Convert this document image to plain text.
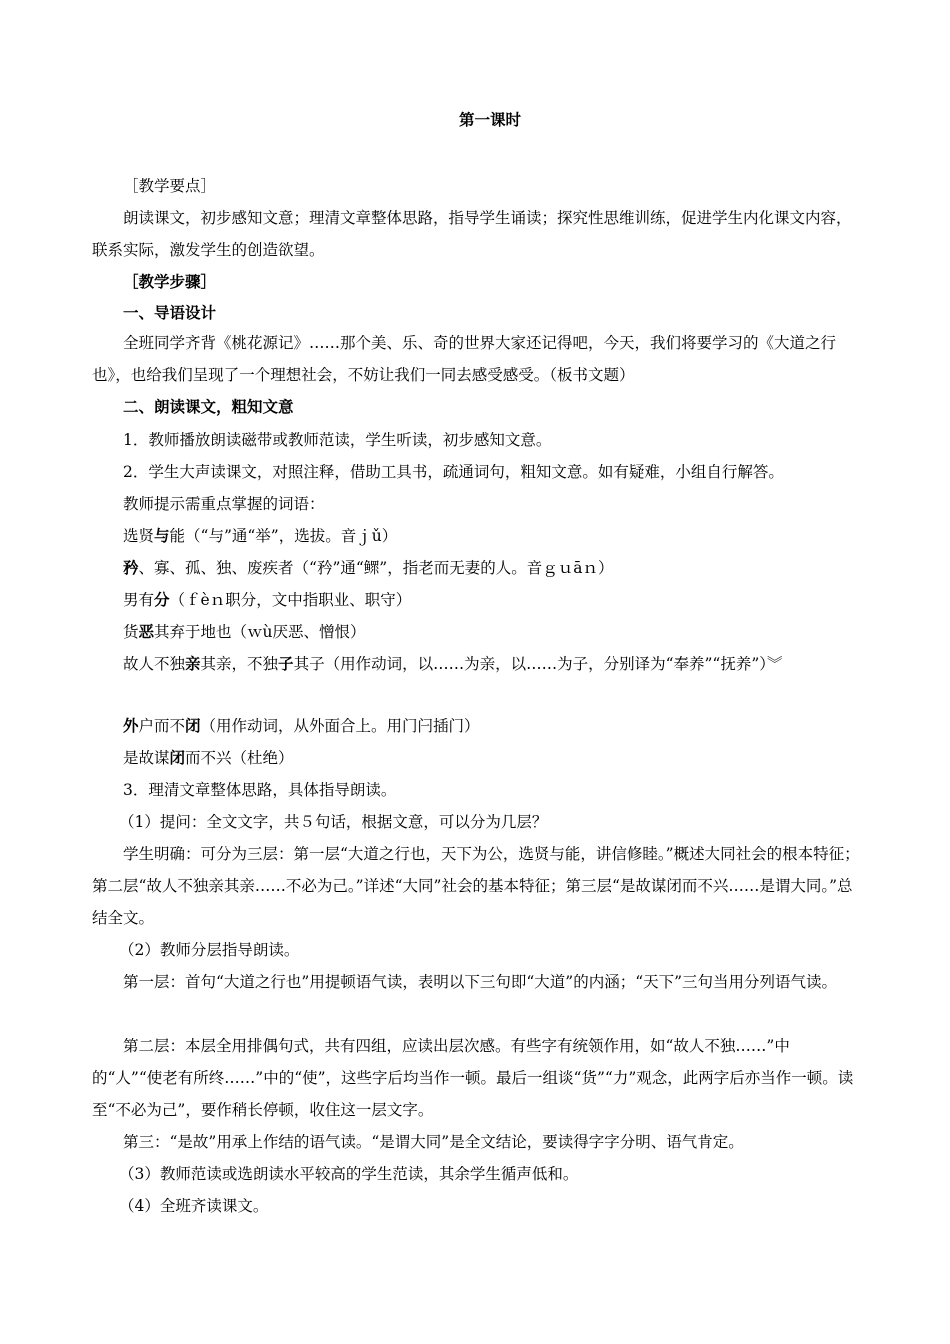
第一课时

［教学要点］

朗读课文，初步感知文意；理清文章整体思路，指导学生诵读；探究性思维训练，促进学生内化课文内容，联系实际，激发学生的创造欲望。

［教学步骤］

一、导语设计

全班同学齐背《桃花源记》……那个美、乐、奇的世界大家还记得吧，今天，我们将要学习的《大道之行也》，也给我们呈现了一个理想社会，不妨让我们一同去感受感受。（板书文题）

二、朗读课文，粗知文意

1．教师播放朗读磁带或教师范读，学生听读，初步感知文意。

2．学生大声读课文，对照注释，借助工具书，疏通词句，粗知文意。如有疑难，小组自行解答。

教师提示需重点掌握的词语：

选贤与能（“与”通“举”，选拔。音ｊǔ）

矜、寡、孤、独、废疾者（“矜”通“鳏”，指老而无妻的人。音ｇｕāｎ）

男有分（ｆèｎ职分，文中指职业、职守）

货恶其弃于地也（ｗù厌恶、憎恨）

故人不独亲其亲，不独子其子（用作动词，以……为亲，以……为子，分别译为“奉养”“抚养”）︾

外户而不闭（用作动词，从外面合上。用门闩插门）

是故谋闭而不兴（杜绝）

3．理清文章整体思路，具体指导朗读。

（1）提问：全文文字，共５句话，根据文意，可以分为几层？

学生明确：可分为三层：第一层“大道之行也，天下为公，选贤与能，讲信修睦。”概述大同社会的根本特征；第二层“故人不独亲其亲……不必为己。”详述“大同”社会的基本特征；第三层“是故谋闭而不兴……是谓大同。”总结全文。

（2）教师分层指导朗读。

第一层：首句“大道之行也”用提顿语气读，表明以下三句即“大道”的内涵；“天下”三句当用分列语气读。

第二层：本层全用排偶句式，共有四组，应读出层次感。有些字有统领作用，如“故人不独……”中的“人”“使老有所终……”中的“使”，这些字后均当作一顿。最后一组谈“货”“力”观念，此两字后亦当作一顿。读至“不必为己”，要作稍长停顿，收住这一层文字。

第三：“是故”用承上作结的语气读。“是谓大同”是全文结论，要读得字字分明、语气肯定。

（3）教师范读或选朗读水平较高的学生范读，其余学生循声低和。

（4）全班齐读课文。
